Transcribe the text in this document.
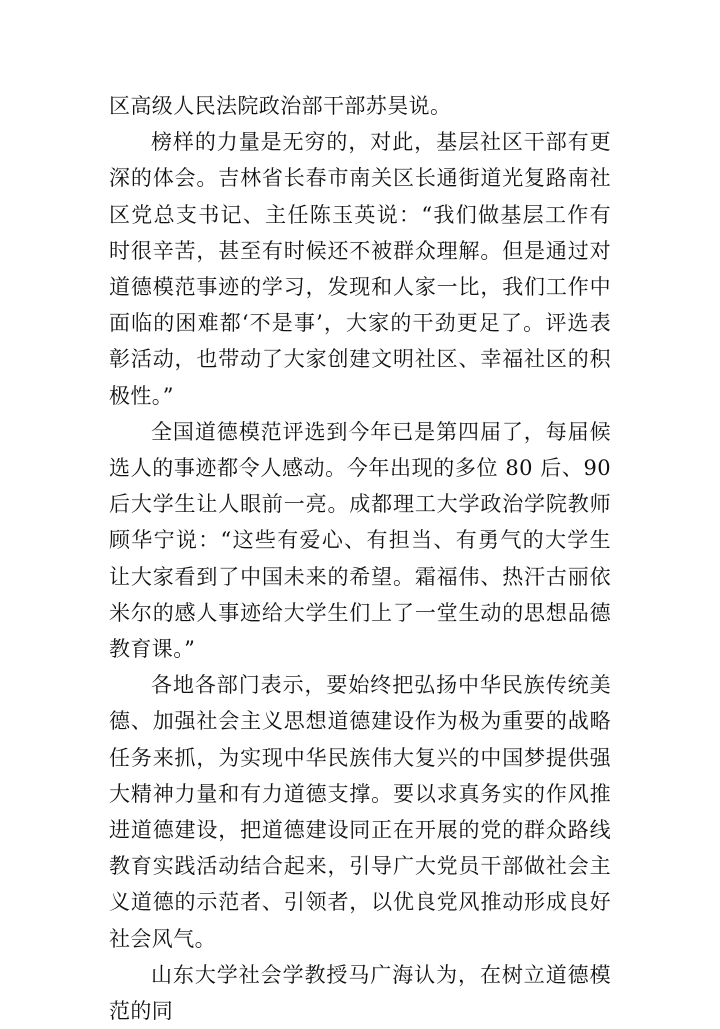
区高级人民法院政治部干部苏昊说。

榜样的力量是无穷的，对此，基层社区干部有更深的体会。吉林省长春市南关区长通街道光复路南社区党总支书记、主任陈玉英说：“我们做基层工作有时很辛苦，甚至有时候还不被群众理解。但是通过对道德模范事迹的学习，发现和人家一比，我们工作中面临的困难都‘不是事’，大家的干劲更足了。评选表彰活动，也带动了大家创建文明社区、幸福社区的积极性。”

全国道德模范评选到今年已是第四届了，每届候选人的事迹都令人感动。今年出现的多位 80 后、90 后大学生让人眼前一亮。成都理工大学政治学院教师顾华宁说：“这些有爱心、有担当、有勇气的大学生让大家看到了中国未来的希望。霜福伟、热汗古丽依米尔的感人事迹给大学生们上了一堂生动的思想品德教育课。”

各地各部门表示，要始终把弘扬中华民族传统美德、加强社会主义思想道德建设作为极为重要的战略任务来抓，为实现中华民族伟大复兴的中国梦提供强大精神力量和有力道德支撑。要以求真务实的作风推进道德建设，把道德建设同正在开展的党的群众路线教育实践活动结合起来，引导广大党员干部做社会主义道德的示范者、引领者，以优良党风推动形成良好社会风气。

山东大学社会学教授马广海认为，在树立道德模范的同
